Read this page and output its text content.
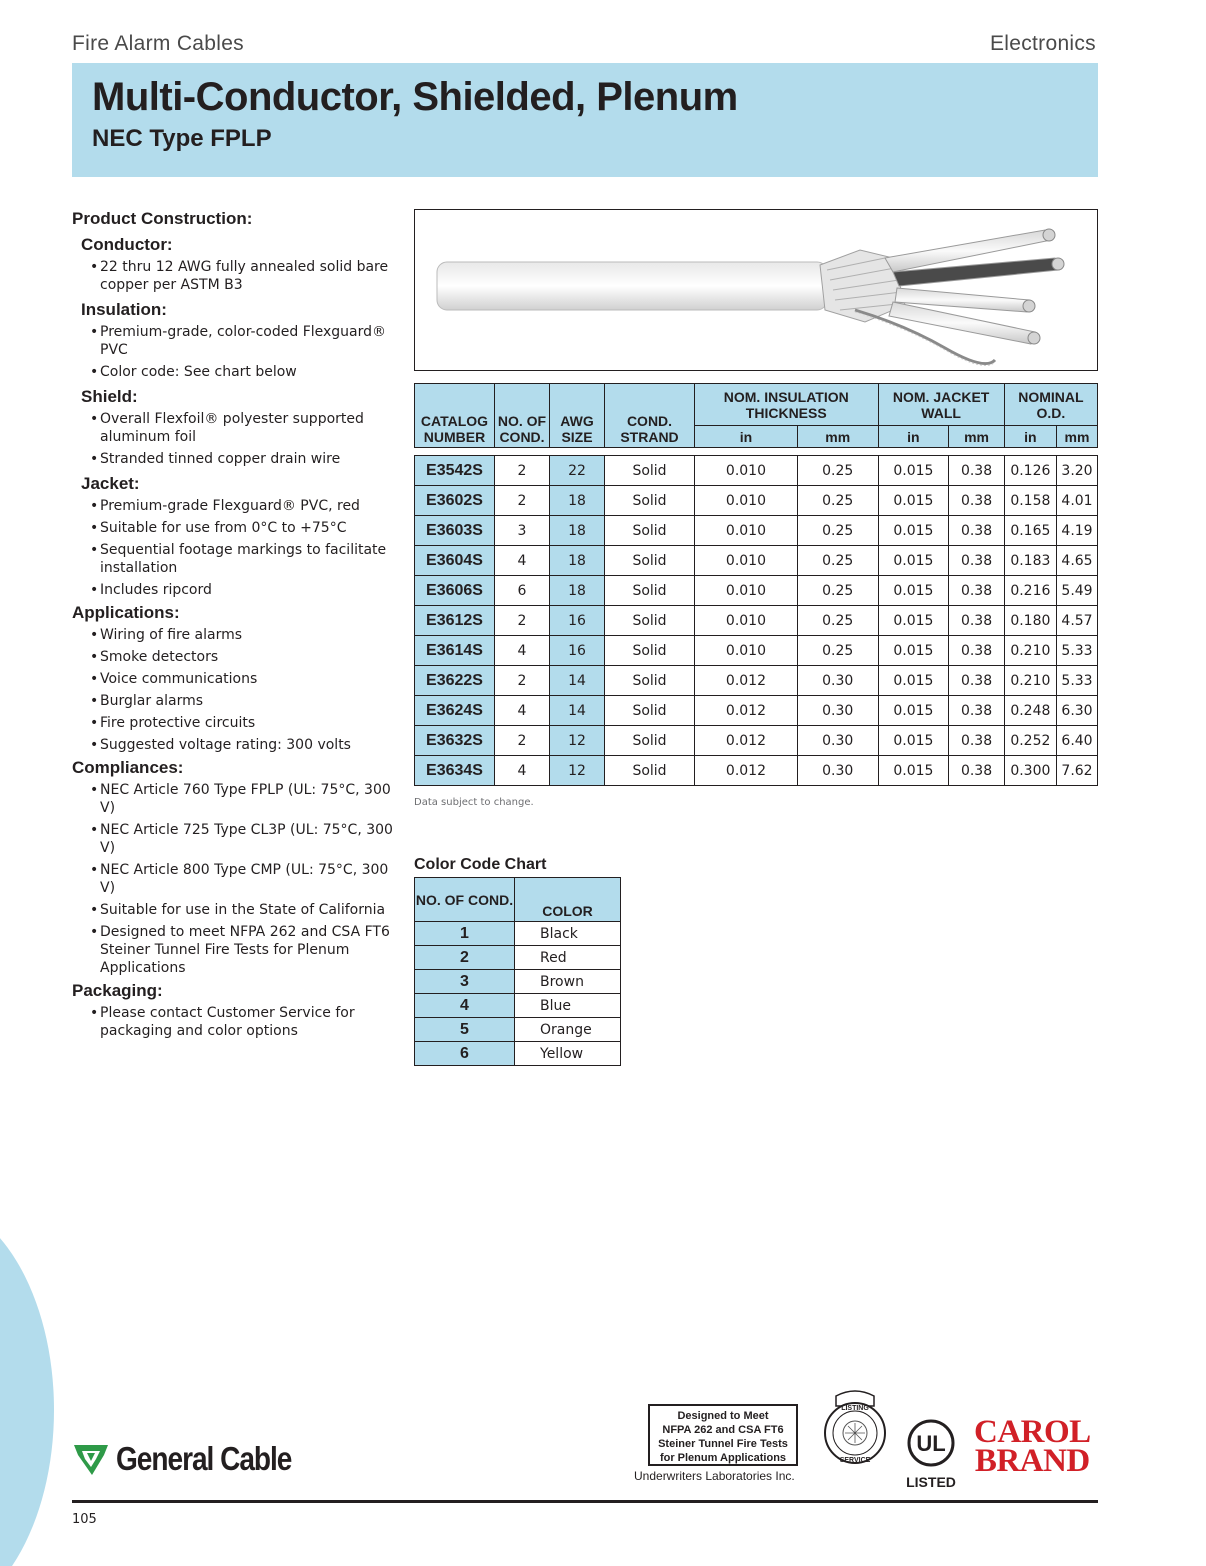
Fire Alarm Cables	Electronics
Multi-Conductor, Shielded, Plenum
NEC Type FPLP
Product Construction:
Conductor:
• 22 thru 12 AWG fully annealed solid bare copper per ASTM B3
Insulation:
• Premium-grade, color-coded Flexguard® PVC
• Color code: See chart below
Shield:
• Overall Flexfoil® polyester supported aluminum foil
• Stranded tinned copper drain wire
Jacket:
• Premium-grade Flexguard® PVC, red
• Suitable for use from 0°C to +75°C
• Sequential footage markings to facilitate installation
• Includes ripcord
Applications:
• Wiring of fire alarms
• Smoke detectors
• Voice communications
• Burglar alarms
• Fire protective circuits
• Suggested voltage rating: 300 volts
Compliances:
• NEC Article 760 Type FPLP (UL: 75°C, 300 V)
• NEC Article 725 Type CL3P (UL: 75°C, 300 V)
• NEC Article 800 Type CMP (UL: 75°C, 300 V)
• Suitable for use in the State of California
• Designed to meet NFPA 262 and CSA FT6 Steiner Tunnel Fire Tests for Plenum Applications
Packaging:
• Please contact Customer Service for packaging and color options
CATALOG NUMBER	NO. OF COND.	AWG SIZE	COND. STRAND	NOM. INSULATION THICKNESS		NOM. JACKET WALL		NOMINAL O.D.	
				in	mm	in	mm	in	mm

E3542S	2	22	Solid	0.010	0.25	0.015	0.38	0.126	3.20
E3602S	2	18	Solid	0.010	0.25	0.015	0.38	0.158	4.01
E3603S	3	18	Solid	0.010	0.25	0.015	0.38	0.165	4.19
E3604S	4	18	Solid	0.010	0.25	0.015	0.38	0.183	4.65
E3606S	6	18	Solid	0.010	0.25	0.015	0.38	0.216	5.49
E3612S	2	16	Solid	0.010	0.25	0.015	0.38	0.180	4.57
E3614S	4	16	Solid	0.010	0.25	0.015	0.38	0.210	5.33
E3622S	2	14	Solid	0.012	0.30	0.015	0.38	0.210	5.33
E3624S	4	14	Solid	0.012	0.30	0.015	0.38	0.248	6.30
E3632S	2	12	Solid	0.012	0.30	0.015	0.38	0.252	6.40
E3634S	4	12	Solid	0.012	0.30	0.015	0.38	0.300	7.62
Data subject to change.
Color Code Chart
NO. OF COND.	COLOR
1	Black
2	Red
3	Brown
4	Blue
5	Orange
6	Yellow
General Cable
Designed to Meet
NFPA 262 and CSA FT6
Steiner Tunnel Fire Tests
for Plenum Applications
Underwriters Laboratories Inc.
LISTING
SERVICE
UL
LISTED
CAROL
BRAND
105
